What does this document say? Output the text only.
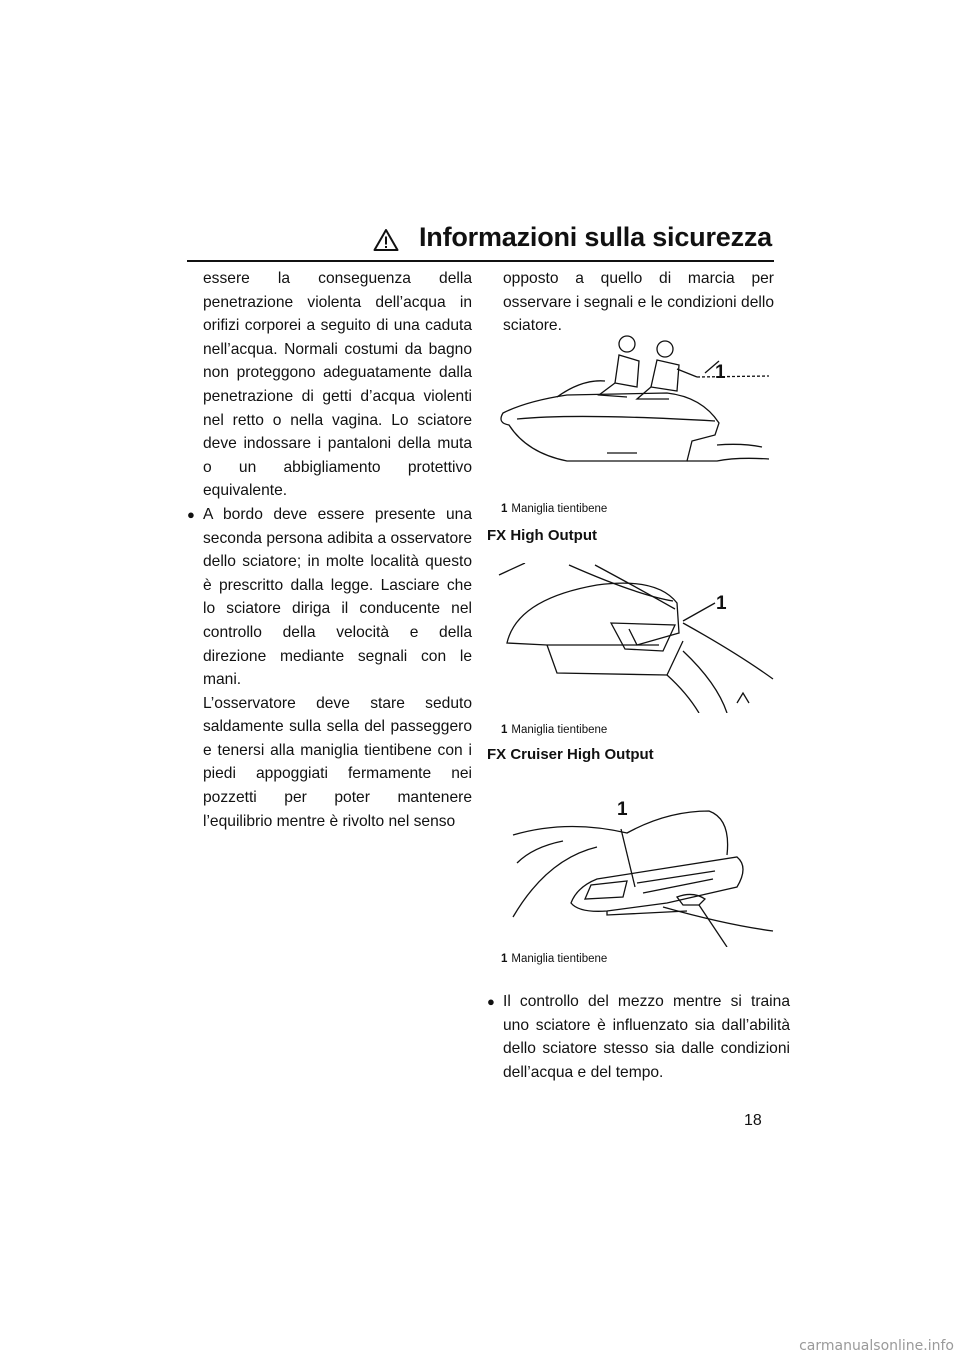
Informazioni sulla sicurezza

essere la conseguenza della penetrazione violenta dell’acqua in orifizi corporei a seguito di una caduta nell’acqua. Normali costumi da bagno non proteggono adeguatamente dalla penetrazione di getti d’acqua violenti nel retto o nella vagina. Lo sciatore deve indossare i pantaloni della muta o un abbigliamento protettivo equivalente.

● A bordo deve essere presente una seconda persona adibita a osservatore dello sciatore; in molte località questo è prescritto dalla legge. Lasciare che lo sciatore diriga il conducente nel controllo della velocità e della direzione mediante segnali con le mani.

L’osservatore deve stare seduto saldamente sulla sella del passeggero e tenersi alla maniglia tientibene con i piedi appoggiati fermamente nei pozzetti per poter mantenere l’equilibrio mentre è rivolto nel senso

opposto a quello di marcia per osservare i segnali e le condizioni dello sciatore.

1
1 Maniglia tientibene
FX High Output
1
1 Maniglia tientibene
FX Cruiser High Output
1
1 Maniglia tientibene

● Il controllo del mezzo mentre si traina uno sciatore è influenzato sia dall’abilità dello sciatore stesso sia dalle condizioni dell’acqua e del tempo.

18
carmanualsonline.info
